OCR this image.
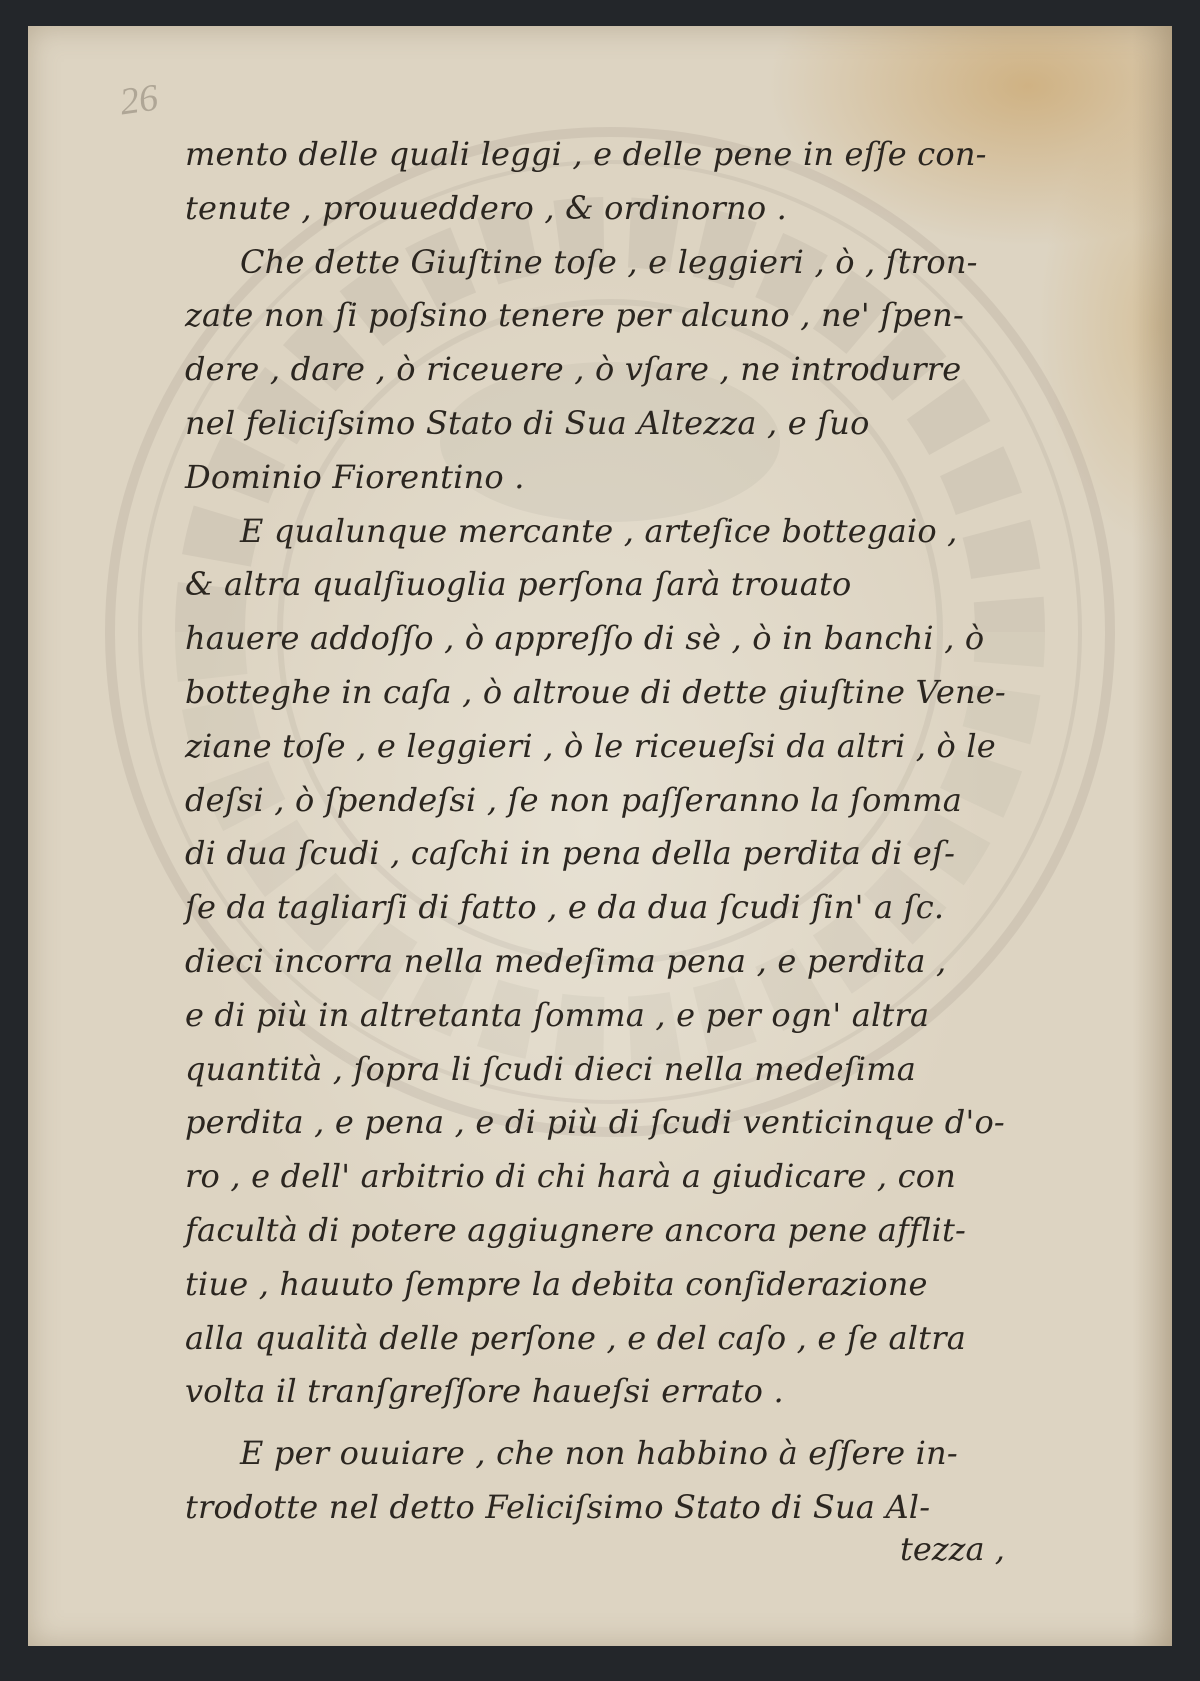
26
mento delle quali leggi , e delle pene in eſſe con-
tenute , prouueddero , & ordinorno .
Che dette Giuſtine toſe , e leggieri , ò , ſtron-
zate non ſi poſsino tenere per alcuno , ne' ſpen-
dere , dare , ò riceuere , ò vſare , ne introdurre
nel feliciſsimo Stato di Sua Altezza , e ſuo
Dominio Fiorentino .
E qualunque mercante , arteſice bottegaio ,
& altra qualſiuoglia perſona ſarà trouato
hauere addoſſo , ò appreſſo di sè , ò in banchi , ò
botteghe in caſa , ò altroue di dette giuſtine Vene-
ziane toſe , e leggieri , ò le riceueſsi da altri , ò le
deſsi , ò ſpendeſsi , ſe non paſſeranno la ſomma
di dua ſcudi , caſchi in pena della perdita di eſ-
ſe da tagliarſi di fatto , e da dua ſcudi ſin' a ſc.
dieci incorra nella medeſima pena , e perdita ,
e di più in altretanta ſomma , e per ogn' altra
quantità , ſopra li ſcudi dieci nella medeſima
perdita , e pena , e di più di ſcudi venticinque d'o-
ro , e dell' arbitrio di chi harà a giudicare , con
facultà di potere aggiugnere ancora pene afflit-
tiue , hauuto ſempre la debita conſiderazione
alla qualità delle perſone , e del caſo , e ſe altra
volta il tranſgreſſore haueſsi errato .
E per ouuiare , che non habbino à eſſere in-
trodotte nel detto Feliciſsimo Stato di Sua Al-
tezza ,
